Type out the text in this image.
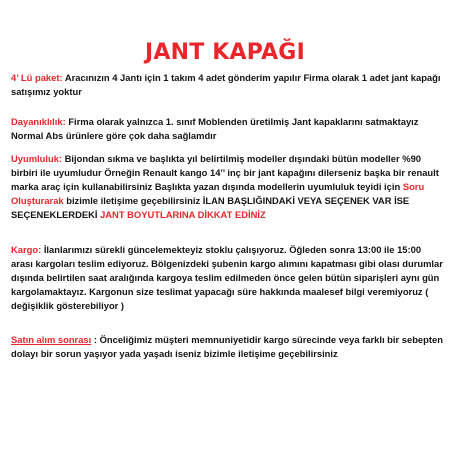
JANT KAPAĞI

4’ Lü paket: Aracınızın 4 Jantı için 1 takım 4 adet gönderim yapılır Firma olarak 1 adet jant kapağı satışımız yoktur

Dayanıklılık: Firma olarak yalnızca 1. sınıf Moblenden üretilmiş Jant kapaklarını satmaktayız Normal Abs ürünlere göre çok daha sağlamdır

Uyumluluk: Bijondan sıkma ve başlıkta yıl belirtilmiş modeller dışındaki bütün modeller %90 birbiri ile uyumludur Örneğin Renault kango 14’’ inç bir jant kapağını dilerseniz başka bir renault marka araç için kullanabilirsiniz Başlıkta yazan dışında modellerin uyumluluk teyidi için Soru Oluşturarak bizimle iletişime geçebilirsiniz İLAN BAŞLIĞINDAKİ VEYA SEÇENEK VAR İSE SEÇENEKLERDEKİ JANT BOYUTLARINA DİKKAT EDİNİZ

Kargo: İlanlarımızı sürekli güncelemekteyiz stoklu çalışıyoruz. Öğleden sonra 13:00 ile 15:00 arası kargoları teslim ediyoruz. Bölgenizdeki şubenin kargo alımını kapatması gibi olası durumlar dışında belirtilen saat aralığında kargoya teslim edilmeden önce gelen bütün siparişleri aynı gün kargolamaktayız. Kargonun size teslimat yapacağı süre hakkında maalesef bilgi veremiyoruz ( değişiklik gösterebiliyor )

Satın alım sonrası : Önceliğimiz müşteri memnuniyetidir kargo sürecinde veya farklı bir sebepten dolayı bir sorun yaşıyor yada yaşadı iseniz bizimle iletişime geçebilirsiniz
